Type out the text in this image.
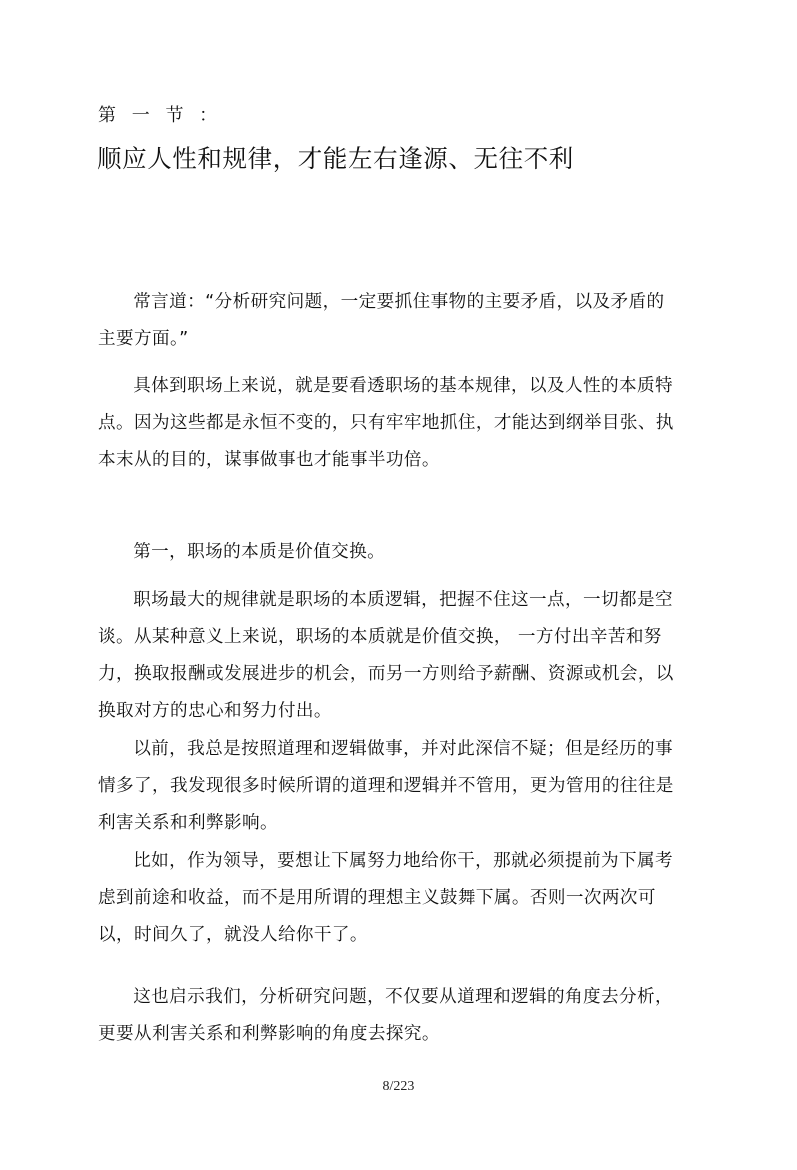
第 一 节 ：
顺应人性和规律，才能左右逢源、无往不利

常言道：“分析研究问题，一定要抓住事物的主要矛盾，以及矛盾的主要方面。”

具体到职场上来说，就是要看透职场的基本规律，以及人性的本质特点。因为这些都是永恒不变的，只有牢牢地抓住，才能达到纲举目张、执本末从的目的，谋事做事也才能事半功倍。

第一，职场的本质是价值交换。

职场最大的规律就是职场的本质逻辑，把握不住这一点，一切都是空谈。从某种意义上来说，职场的本质就是价值交换， 一方付出辛苦和努力，换取报酬或发展进步的机会，而另一方则给予薪酬、资源或机会，以换取对方的忠心和努力付出。

以前，我总是按照道理和逻辑做事，并对此深信不疑；但是经历的事情多了，我发现很多时候所谓的道理和逻辑并不管用，更为管用的往往是利害关系和利弊影响。

比如，作为领导，要想让下属努力地给你干，那就必须提前为下属考虑到前途和收益，而不是用所谓的理想主义鼓舞下属。否则一次两次可以，时间久了，就没人给你干了。

这也启示我们，分析研究问题，不仅要从道理和逻辑的角度去分析，更要从利害关系和利弊影响的角度去探究。

8/223
